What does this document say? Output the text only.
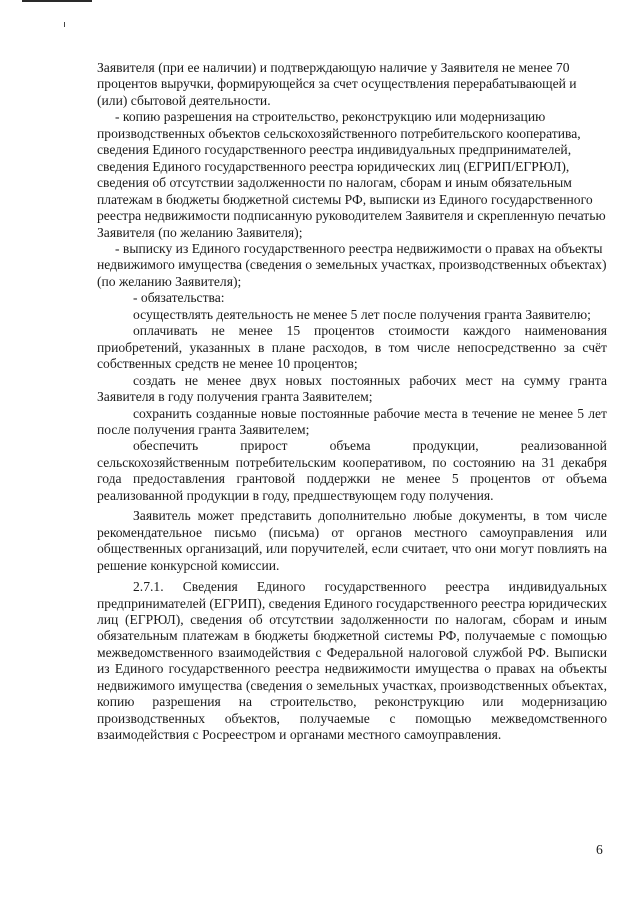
Заявителя (при ее наличии) и подтверждающую наличие у Заявителя не менее 70 процентов выручки, формирующейся за счет осуществления перерабатывающей и (или) сбытовой деятельности.

- копию разрешения на строительство, реконструкцию или модернизацию производственных объектов сельскохозяйственного потребительского кооператива, сведения Единого государственного реестра индивидуальных предпринимателей, сведения Единого государственного реестра юридических лиц (ЕГРИП/ЕГРЮЛ), сведения об отсутствии задолженности по налогам, сборам и иным обязательным платежам в бюджеты бюджетной системы РФ, выписки из Единого государственного реестра недвижимости подписанную руководителем Заявителя и скрепленную печатью Заявителя (по желанию Заявителя);

- выписку из Единого государственного реестра недвижимости о правах на объекты недвижимого имущества (сведения о земельных участках, производственных объектах) (по желанию Заявителя);

- обязательства:

осуществлять деятельность не менее 5 лет после получения гранта Заявителю;

оплачивать не менее 15 процентов стоимости каждого наименования приобретений, указанных в плане расходов, в том числе непосредственно за счёт собственных средств не менее 10 процентов;

создать не менее двух новых постоянных рабочих мест на сумму гранта Заявителя в году получения гранта Заявителем;

сохранить созданные новые постоянные рабочие места в течение не менее 5 лет после получения гранта Заявителем;

обеспечить	прирост	объема	продукции,	реализованной

сельскохозяйственным потребительским кооперативом, по состоянию на 31 декабря года предоставления грантовой поддержки не менее 5 процентов от объема реализованной продукции в году, предшествующем году получения.

Заявитель может представить дополнительно любые документы, в том числе рекомендательное письмо (письма) от органов местного самоуправления или общественных организаций, или поручителей, если считает, что они могут повлиять на решение конкурсной комиссии.

2.7.1. Сведения Единого государственного реестра индивидуальных предпринимателей (ЕГРИП), сведения Единого государственного реестра юридических лиц (ЕГРЮЛ), сведения об отсутствии задолженности по налогам, сборам и иным обязательным платежам в бюджеты бюджетной системы РФ, получаемые с помощью межведомственного взаимодействия с Федеральной налоговой службой РФ. Выписки из Единого государственного реестра недвижимости имущества о правах на объекты недвижимого имущества (сведения о земельных участках, производственных объектах, копию разрешения на строительство, реконструкцию или модернизацию производственных объектов, получаемые с помощью межведомственного взаимодействия с Росреестром и органами местного самоуправления.

6
